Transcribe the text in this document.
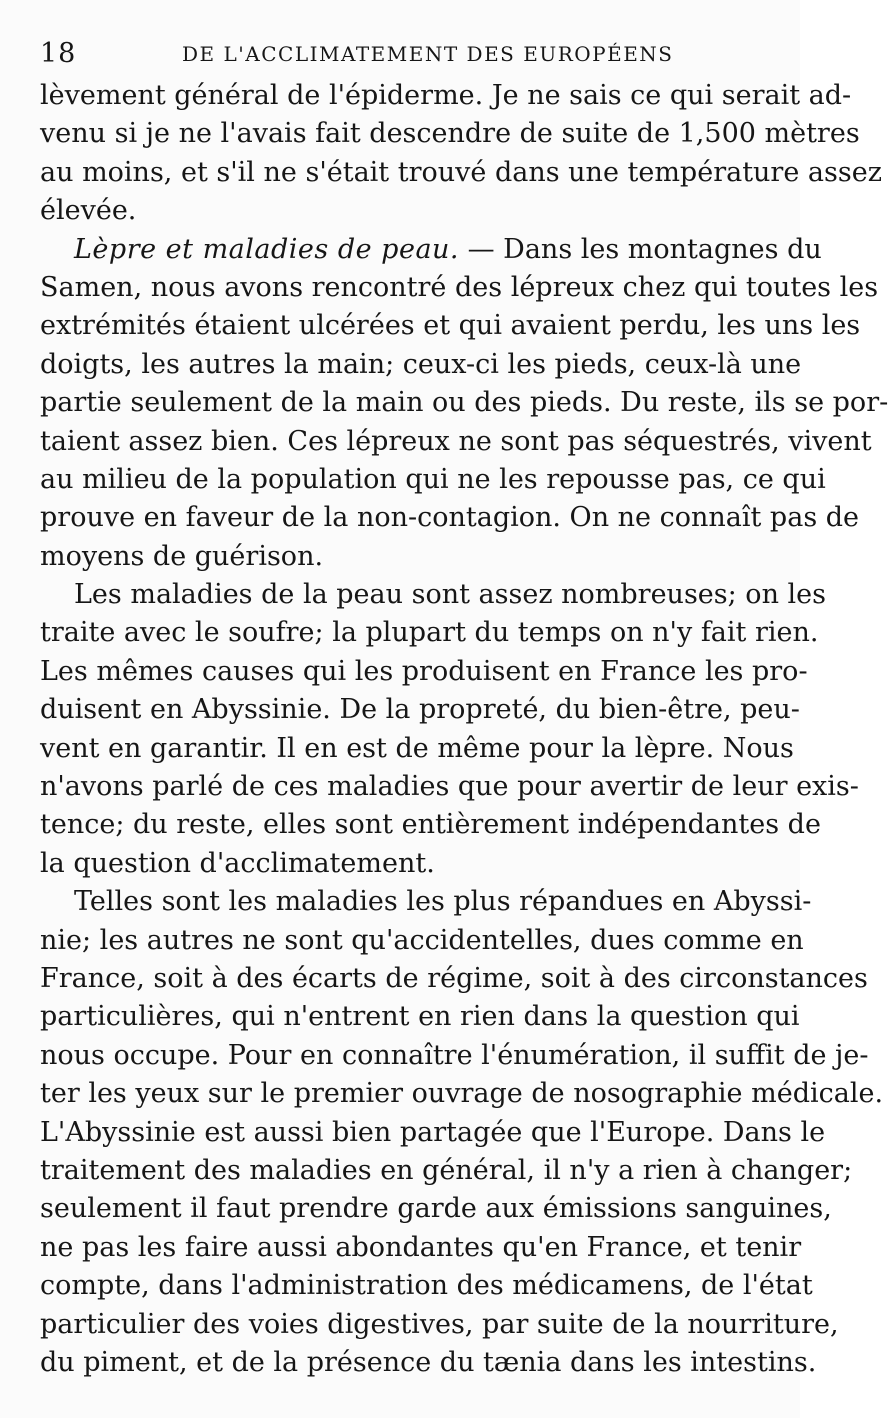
18	DE L'ACCLIMATEMENT DES EUROPÉENS
lèvement général de l'épiderme. Je ne sais ce qui serait ad-
venu si je ne l'avais fait descendre de suite de 1,500 mètres
au moins, et s'il ne s'était trouvé dans une température assez
élevée.
Lèpre et maladies de peau. — Dans les montagnes du
Samen, nous avons rencontré des lépreux chez qui toutes les
extrémités étaient ulcérées et qui avaient perdu, les uns les
doigts, les autres la main; ceux-ci les pieds, ceux-là une
partie seulement de la main ou des pieds. Du reste, ils se por-
taient assez bien. Ces lépreux ne sont pas séquestrés, vivent
au milieu de la population qui ne les repousse pas, ce qui
prouve en faveur de la non-contagion. On ne connaît pas de
moyens de guérison.
Les maladies de la peau sont assez nombreuses; on les
traite avec le soufre; la plupart du temps on n'y fait rien.
Les mêmes causes qui les produisent en France les pro-
duisent en Abyssinie. De la propreté, du bien-être, peu-
vent en garantir. Il en est de même pour la lèpre. Nous
n'avons parlé de ces maladies que pour avertir de leur exis-
tence; du reste, elles sont entièrement indépendantes de
la question d'acclimatement.
Telles sont les maladies les plus répandues en Abyssi-
nie; les autres ne sont qu'accidentelles, dues comme en
France, soit à des écarts de régime, soit à des circonstances
particulières, qui n'entrent en rien dans la question qui
nous occupe. Pour en connaître l'énumération, il suffit de je-
ter les yeux sur le premier ouvrage de nosographie médicale.
L'Abyssinie est aussi bien partagée que l'Europe. Dans le
traitement des maladies en général, il n'y a rien à changer;
seulement il faut prendre garde aux émissions sanguines,
ne pas les faire aussi abondantes qu'en France, et tenir
compte, dans l'administration des médicamens, de l'état
particulier des voies digestives, par suite de la nourriture,
du piment, et de la présence du tænia dans les intestins.
